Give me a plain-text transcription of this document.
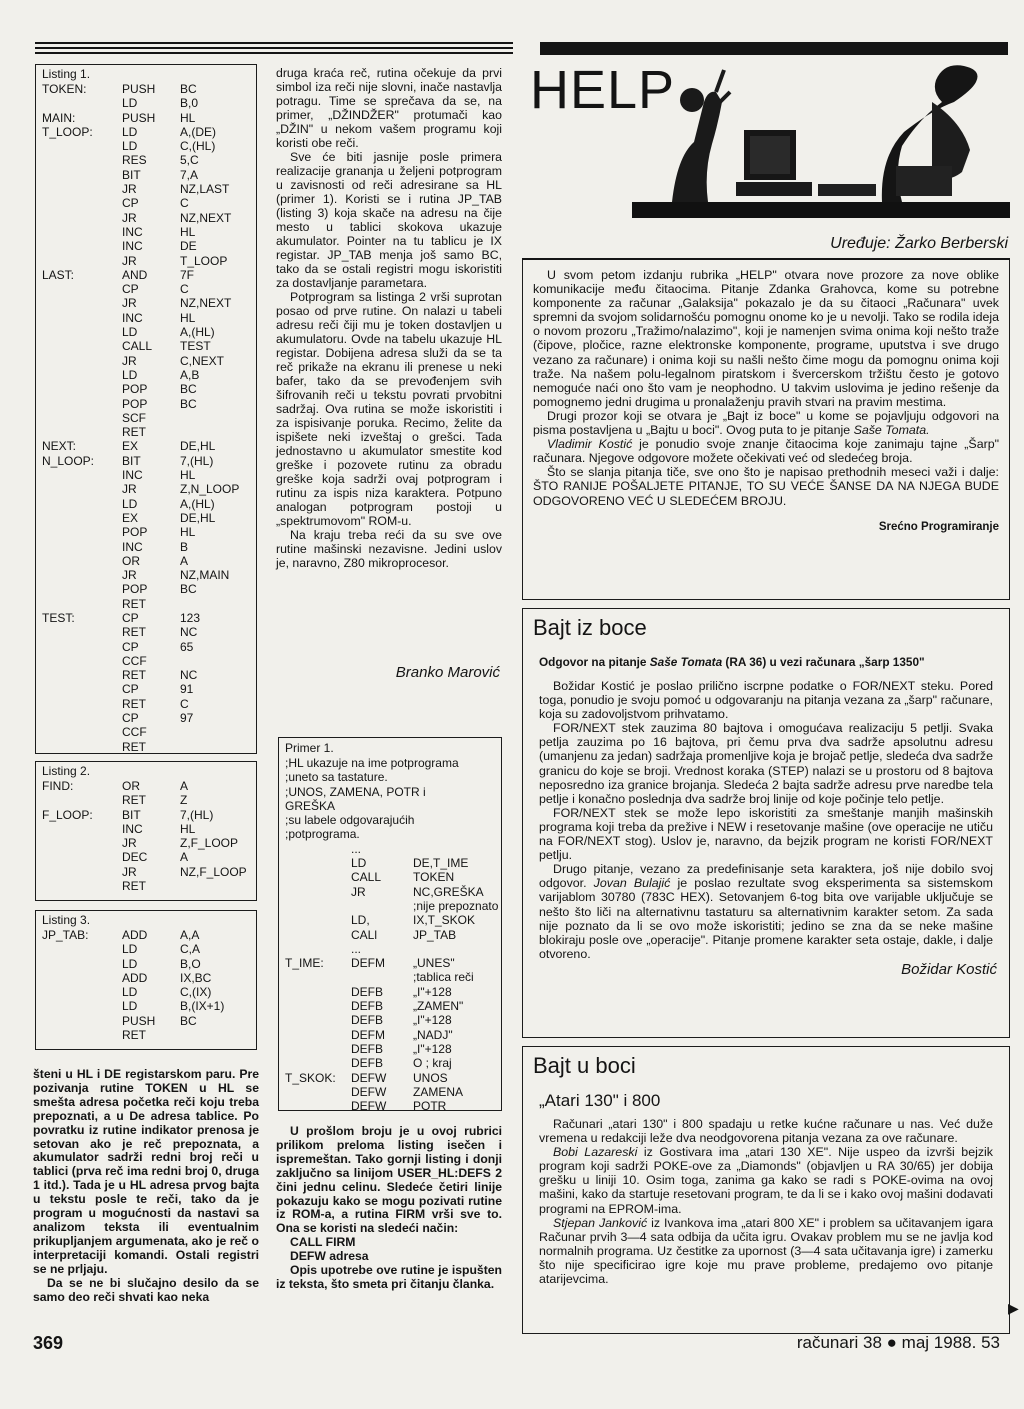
Listing 1.
TOKEN:	PUSH	BC
	LD	B,0
MAIN:	PUSH	HL
T_LOOP:	LD	A,(DE)
	LD	C,(HL)
	RES	5,C
	BIT	7,A
	JR	NZ,LAST
	CP	C
	JR	NZ,NEXT
	INC	HL
	INC	DE
	JR	T_LOOP
LAST:	AND	7F
	CP	C
	JR	NZ,NEXT
	INC	HL
	LD	A,(HL)
	CALL	TEST
	JR	C,NEXT
	LD	A,B
	POP	BC
	POP	BC
	SCF	
	RET	
NEXT:	EX	DE,HL
N_LOOP:	BIT	7,(HL)
	INC	HL
	JR	Z,N_LOOP
	LD	A,(HL)
	EX	DE,HL
	POP	HL
	INC	B
	OR	A
	JR	NZ,MAIN
	POP	BC
	RET	
TEST:	CP	123
	RET	NC
	CP	65
	CCF	
	RET	NC
	CP	91
	RET	C
	CP	97
	CCF	
	RET	
Listing 2.
FIND:	OR	A
	RET	Z
F_LOOP:	BIT	7,(HL)
	INC	HL
	JR	Z,F_LOOP
	DEC	A
	JR	NZ,F_LOOP
	RET	
Listing 3.
JP_TAB:	ADD	A,A
	LD	C,A
	LD	B,O
	ADD	IX,BC
	LD	C,(IX)
	LD	B,(IX+1)
	PUSH	BC
	RET	

šteni u HL i DE registarskom paru. Pre pozivanja rutine TOKEN u HL se smešta adresa početka reči koju treba prepoznati, a u De adresa tablice. Po povratku iz rutine indikator prenosa je setovan ako je reč prepoznata, a akumulator sadrži redni broj reči u tablici (prva reč ima redni broj 0, druga 1 itd.). Tada je u HL adresa prvog bajta u tekstu posle te reči, tako da je program u mogućnosti da nastavi sa analizom teksta ili eventualnim prikupljanjem argumenata, ako je reč o interpretaciji komandi. Ostali registri se ne prljaju.

Da se ne bi slučajno desilo da se samo deo reči shvati kao neka

druga kraća reč, rutina očekuje da prvi simbol iza reči nije slovni, inače nastavlja potragu. Time se sprečava da se, na primer, „DŽINDŽER" protumači kao „DŽIN" u nekom vašem programu koji koristi obe reči.

Sve će biti jasnije posle primera realizacije grananja u željeni potprogram u zavisnosti od reči adresirane sa HL (primer 1). Koristi se i rutina JP_TAB (listing 3) koja skače na adresu na čije mesto u tablici skokova ukazuje akumulator. Pointer na tu tablicu je IX registar. JP_TAB menja još samo BC, tako da se ostali registri mogu iskoristiti za dostavljanje parametara.

Potprogram sa listinga 2 vrši suprotan posao od prve rutine. On nalazi u tabeli adresu reči čiji mu je token dostavljen u akumulatoru. Ovde na tabelu ukazuje HL registar. Dobijena adresa služi da se ta reč prikaže na ekranu ili prenese u neki bafer, tako da se prevođenjem svih šifrovanih reči u tekstu povrati prvobitni sadržaj. Ova rutina se može iskoristiti i za ispisivanje poruka. Recimo, želite da ispišete neki izveštaj o grešci. Tada jednostavno u akumulator smestite kod greške i pozovete rutinu za obradu greške koja sadrži ovaj potprogram i rutinu za ispis niza karaktera. Potpuno analogan potprogram postoji u „spektrumovom" ROM-u.

Na kraju treba reći da su sve ove rutine mašinski nezavisne. Jedini uslov je, naravno, Z80 mikroprocesor.

Branko Marović
Primer 1.
;HL ukazuje na ime potprograma
;uneto sa tastature.
;UNOS, ZAMENA, POTR i
GREŠKA
;su labele odgovarajućih
;potprograma.
	...	
	LD	DE,T_IME
	CALL	TOKEN
	JR	NC,GREŠKA
		;nije prepoznato
	LD,	IX,T_SKOK
	CALl	JP_TAB
	...	
T_IME:	DEFM	„UNES"
		;tablica reči
	DEFB	„I"+128
	DEFB	„ZAMEN"
	DEFB	„I"+128
	DEFM	„NADJ"
	DEFB	„I"+128
	DEFB	O ; kraj
T_SKOK:	DEFW	UNOS
	DEFW	ZAMENA
	DEFW	POTR

U prošlom broju je u ovoj rubrici prilikom preloma listing isečen i ispremeštan. Tako gornji listing i donji zaključno sa linijom USER_HL:DEFS 2 čini jednu celinu. Sledeće četiri linije pokazuju kako se mogu pozivati rutine iz ROM-a, a rutina FIRM vrši sve to. Ona se koristi na sledeći način:

CALL FIRM

DEFW adresa

Opis upotrebe ove rutine je ispušten iz teksta, što smeta pri čitanju članka.

HELP
Uređuje: Žarko Berberski

U svom petom izdanju rubrika „HELP" otvara nove prozore za nove oblike komunikacije među čitaocima. Pitanje Zdanka Grahovca, kome su potrebne komponente za računar „Galaksija" pokazalo je da su čitaoci „Računara" uvek spremni da svojom solidarnošću pomognu onome ko je u nevolji. Tako se rodila ideja o novom prozoru „Tražimo/nalazimo", koji je namenjen svima onima koji nešto traže (čipove, pločice, razne elektronske komponente, programe, uputstva i sve drugo vezano za računare) i onima koji su našli nešto čime mogu da pomognu onima koji traže. Na našem polu-legalnom piratskom i švercerskom tržištu često je gotovo nemoguće naći ono što vam je neophodno. U takvim uslovima je jedino rešenje da pomognemo jedni drugima u pronalaženju pravih stvari na pravim mestima.

Drugi prozor koji se otvara je „Bajt iz boce" u kome se pojavljuju odgovori na pisma postavljena u „Bajtu u boci". Ovog puta to je pitanje Saše Tomata.

Vladimir Kostić je ponudio svoje znanje čitaocima koje zanimaju tajne „Šarp" računara. Njegove odgovore možete očekivati već od sledećeg broja.

Što se slanja pitanja tiče, sve ono što je napisao prethodnih meseci važi i dalje: ŠTO RANIJE POŠALJETE PITANJE, TO SU VEĆE ŠANSE DA NA NJEGA BUDE ODGOVORENO VEĆ U SLEDEĆEM BROJU.

Srećno Programiranje

Bajt iz boce
Odgovor na pitanje Saše Tomata (RA 36) u vezi računara „šarp 1350"

Božidar Kostić je poslao prilično iscrpne podatke o FOR/NEXT steku. Pored toga, ponudio je svoju pomoć u odgovaranju na pitanja vezana za „šarp" računare, koja su zadovoljstvom prihvatamo.

FOR/NEXT stek zauzima 80 bajtova i omogućava realizaciju 5 petlji. Svaka petlja zauzima po 16 bajtova, pri čemu prva dva sadrže apsolutnu adresu (umanjenu za jedan) sadržaja promenljive koja je brojač petlje, sledeća dva sadrže granicu do koje se broji. Vrednost koraka (STEP) nalazi se u prostoru od 8 bajtova neposredno iza granice brojanja. Sledeća 2 bajta sadrže adresu prve naredbe tela petlje i konačno poslednja dva sadrže broj linije od koje počinje telo petlje.

FOR/NEXT stek se može lepo iskoristiti za smeštanje manjih mašinskih programa koji treba da prežive i NEW i resetovanje mašine (ove operacije ne utiču na FOR/NEXT stog). Uslov je, naravno, da bejzik program ne koristi FOR/NEXT petlju.

Drugo pitanje, vezano za predefinisanje seta karaktera, još nije dobilo svoj odgovor. Jovan Bulajić je poslao rezultate svog eksperimenta sa sistemskom varijablom 30780 (783C HEX). Setovanjem 6-tog bita ove varijable uključuje se nešto što liči na alternativnu tastaturu sa alternativnim karakter setom. Za sada nije poznato da li se ovo može iskoristiti; jedino se zna da se neke mašine blokiraju posle ove „operacije". Pitanje promene karakter seta ostaje, dakle, i dalje otvoreno.

Božidar Kostić
Bajt u boci
„Atari 130" i 800

Računari „atari 130" i 800 spadaju u retke kućne računare u nas. Već duže vremena u redakciji leže dva neodgovorena pitanja vezana za ove računare.

Bobi Lazareski iz Gostivara ima „atari 130 XE". Nije uspeo da izvrši bejzik program koji sadrži POKE-ove za „Diamonds" (objavljen u RA 30/65) jer dobija grešku u liniji 10. Osim toga, zanima ga kako se radi s POKE-ovima na ovoj mašini, kako da startuje resetovani program, te da li se i kako ovoj mašini dodavati programi na EPROM-ima.

Stjepan Janković iz Ivankova ima „atari 800 XE" i problem sa učitavanjem igara Računar prvih 3—4 sata odbija da učita igru. Ovakav problem mu se ne javlja kod normalnih programa. Uz čestitke za upornost (3—4 sata učitavanja igre) i zamerku što nije specificirao igre koje mu prave probleme, predajemo ovo pitanje atarijevcima.

▶
369	računari 38 ● maj 1988. 53
